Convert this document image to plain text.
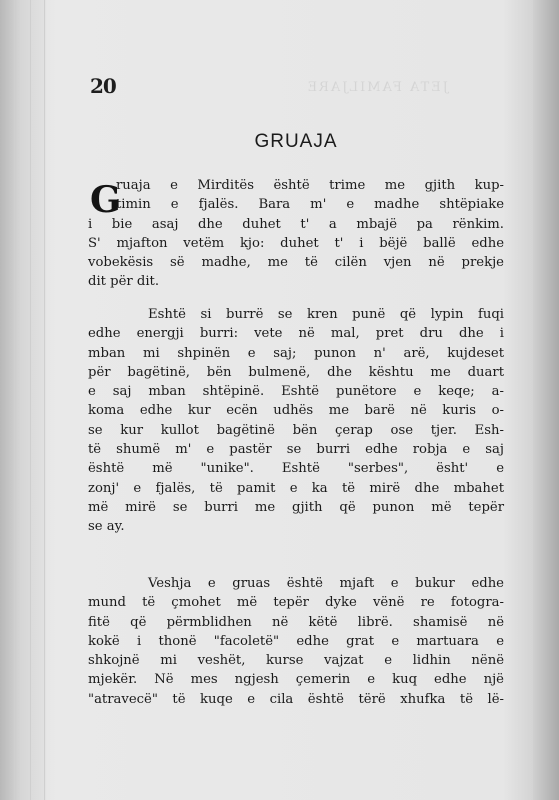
JETA FAMILJARE
20
GRUAJA
G
ruaja e Mirditës është trime me gjith kup-
timin e fjalës. Bara m' e madhe shtëpiake
i bie asaj dhe duhet t' a mbajë pa rënkim.
S' mjafton vetëm kjo: duhet t' i bëjë ballë edhe
vobekësis së madhe, me të cilën vjen në prekje
dit për dit.
Eshtë si burrë se kren punë që lypin fuqi
edhe energji burri: vete në mal, pret dru dhe i
mban mi shpinën e saj; punon n' arë, kujdeset
për bagëtinë, bën bulmenë, dhe kështu me duart
e saj mban shtëpinë. Eshtë punëtore e keqe; a-
koma edhe kur ecën udhës me barë në kuris o-
se kur kullot bagëtinë bën çerap ose tjer. Esh-
të shumë m' e pastër se burri edhe robja e saj
është më "unike". Eshtë "serbes", ësht' e
zonj' e fjalës, të pamit e ka të mirë dhe mbahet
më mirë se burri me gjith që punon më tepër
se ay.
Veshja e gruas është mjaft e bukur edhe
mund të çmohet më tepër dyke vënë re fotogra-
fitë që përmblidhen në këtë librë. shamisë në
kokë i thonë "facoletë" edhe grat e martuara e
shkojnë mi veshët, kurse vajzat e lidhin nënë
mjekër. Në mes ngjesh çemerin e kuq edhe një
"atravecë" të kuqe e cila është tërë xhufka të lë-
